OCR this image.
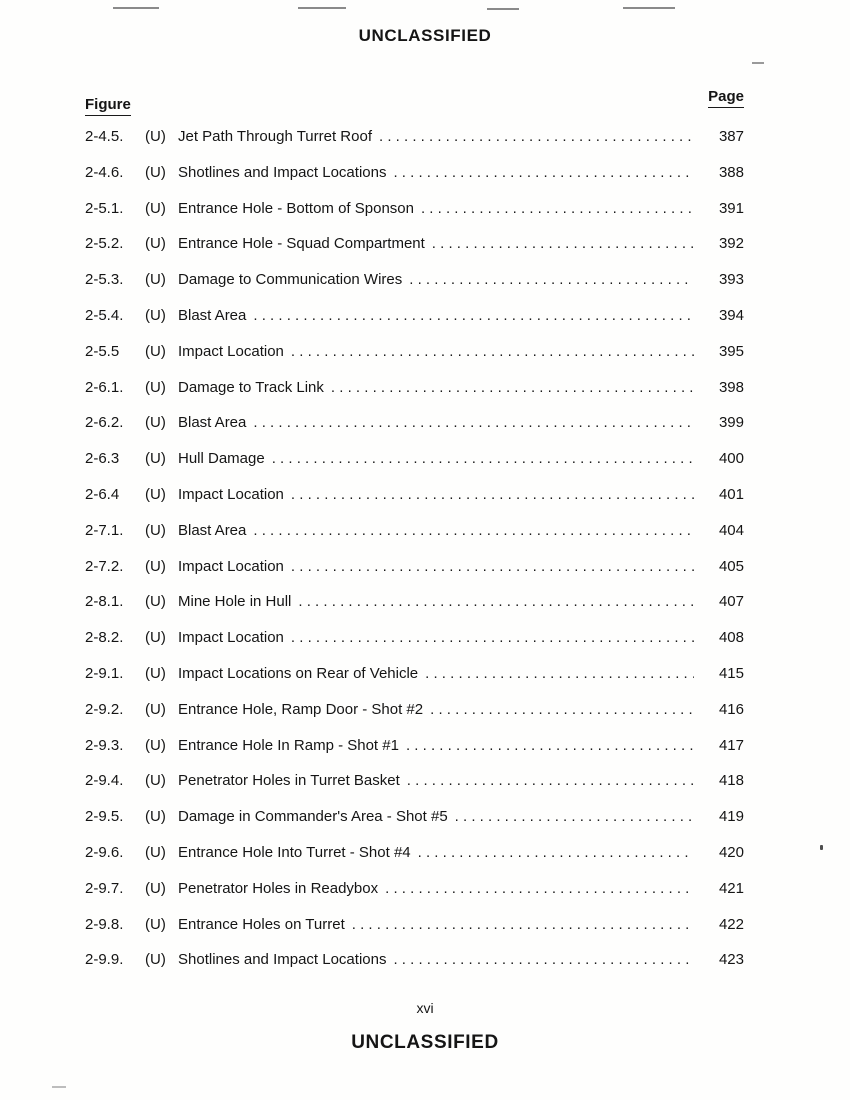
UNCLASSIFIED
Figure	Page
2-4.5.	(U) Jet Path Through Turret Roof . . .	387
2-4.6.	(U) Shotlines and Impact Locations . . .	388
2-5.1.	(U) Entrance Hole - Bottom of Sponson . . .	391
2-5.2.	(U) Entrance Hole - Squad Compartment . . .	392
2-5.3.	(U) Damage to Communication Wires . . .	393
2-5.4.	(U) Blast Area . . .	394
2-5.5	(U) Impact Location . . .	395
2-6.1.	(U) Damage to Track Link . . .	398
2-6.2.	(U) Blast Area . . .	399
2-6.3	(U) Hull Damage . . .	400
2-6.4	(U) Impact Location . . .	401
2-7.1.	(U) Blast Area . . .	404
2-7.2.	(U) Impact Location . . .	405
2-8.1.	(U) Mine Hole in Hull . . .	407
2-8.2.	(U) Impact Location . . .	408
2-9.1.	(U) Impact Locations on Rear of Vehicle . . .	415
2-9.2.	(U) Entrance Hole, Ramp Door - Shot #2 . . .	416
2-9.3.	(U) Entrance Hole In Ramp - Shot #1 . . .	417
2-9.4.	(U) Penetrator Holes in Turret Basket . . .	418
2-9.5.	(U) Damage in Commander's Area - Shot #5 . . .	419
2-9.6.	(U) Entrance Hole Into Turret - Shot #4 . . .	420
2-9.7.	(U) Penetrator Holes in Readybox . . .	421
2-9.8.	(U) Entrance Holes on Turret . . .	422
2-9.9.	(U) Shotlines and Impact Locations . . .	423
xvi
UNCLASSIFIED
